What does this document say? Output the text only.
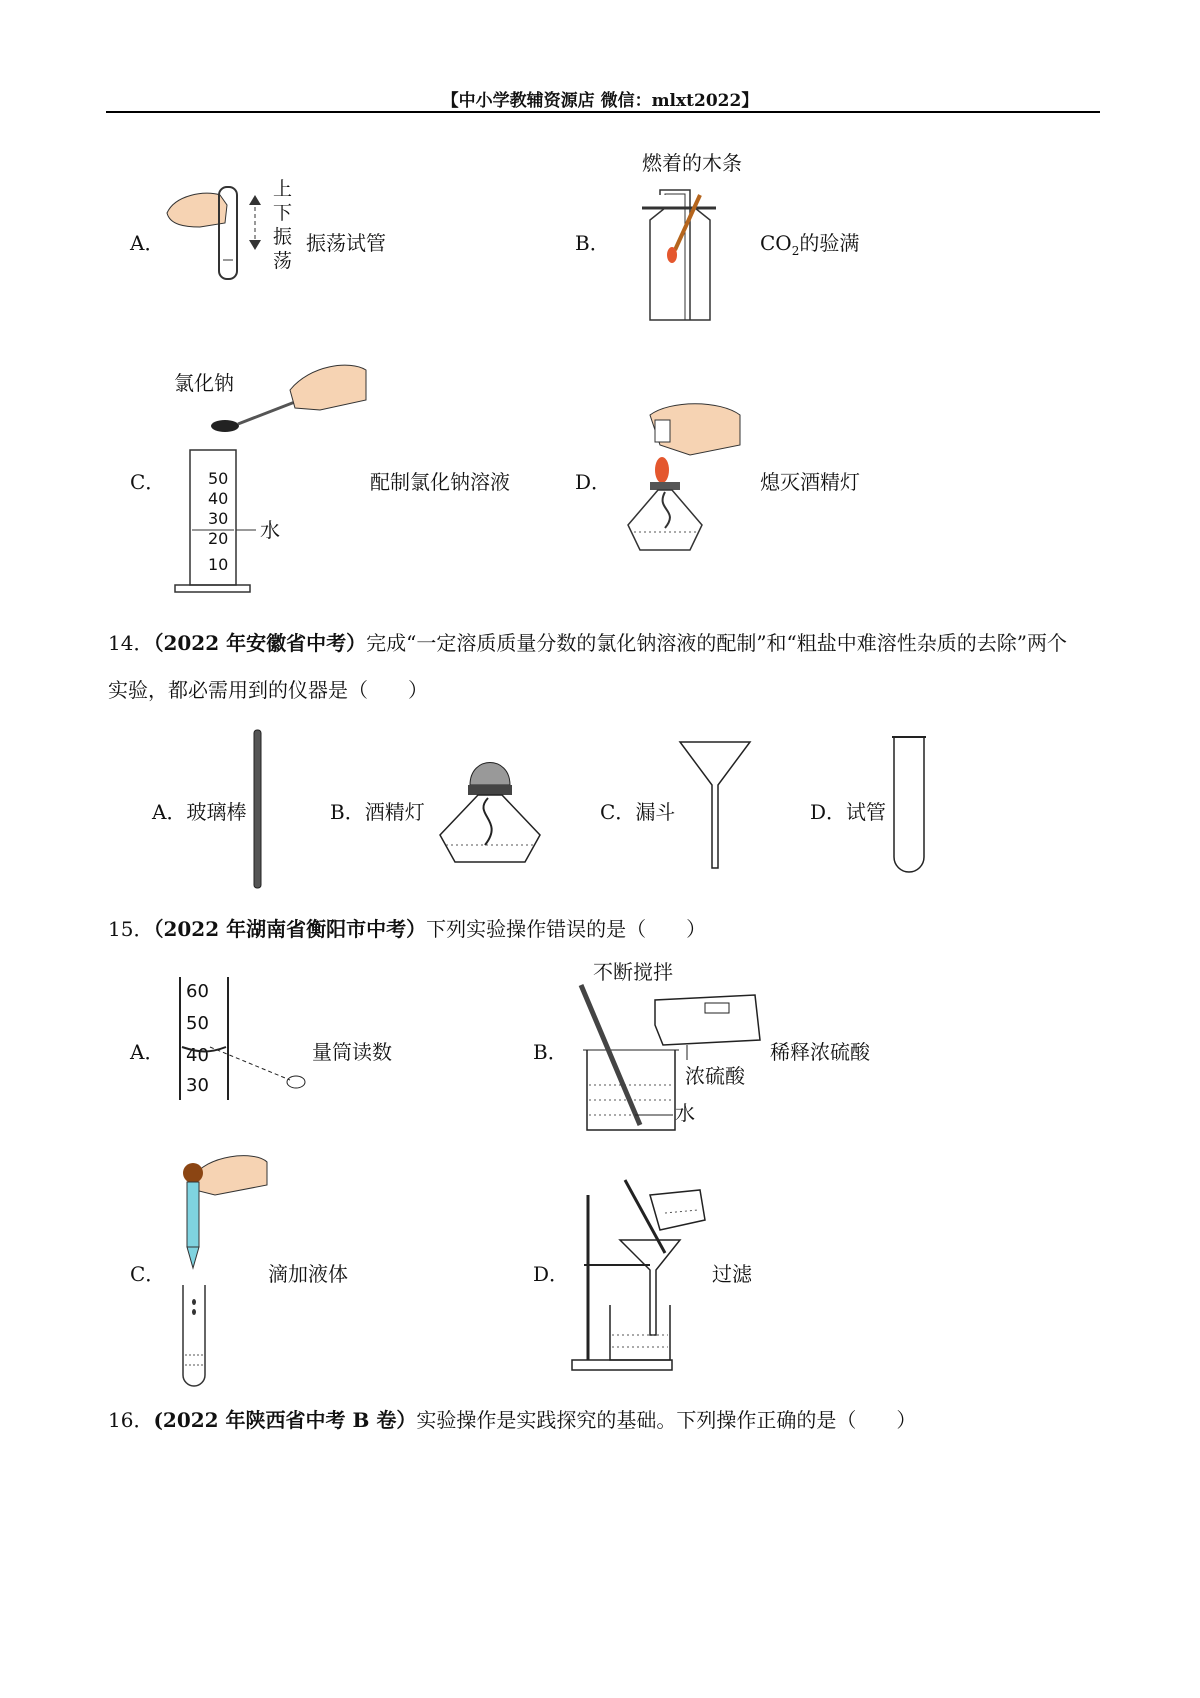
【中小学教辅资源店 微信：mlxt2022】
A．
上
下
振
荡
振荡试管	B．
燃着的木条
$CO_2$的验满
C．
氯化钠
50
40
30
20
10
水
配制氯化钠溶液	D．	熄灭酒精灯
14．（2022 年安徽省中考）完成“一定溶质质量分数的氯化钠溶液的配制”和“粗盐中难溶性杂质的去除”两个
实验，都必需用到的仪器是（　　）
A．玻璃棒	B．酒精灯	C．漏斗	D．试管
15．（2022 年湖南省衡阳市中考）下列实验操作错误的是（　　）
A．
60
50
40
30
量筒读数	B．
不断搅拌
浓硫酸
水
稀释浓硫酸
C．	滴加液体	D．	过滤
16．(2022 年陕西省中考 B 卷）实验操作是实践探究的基础。下列操作正确的是（　　）
